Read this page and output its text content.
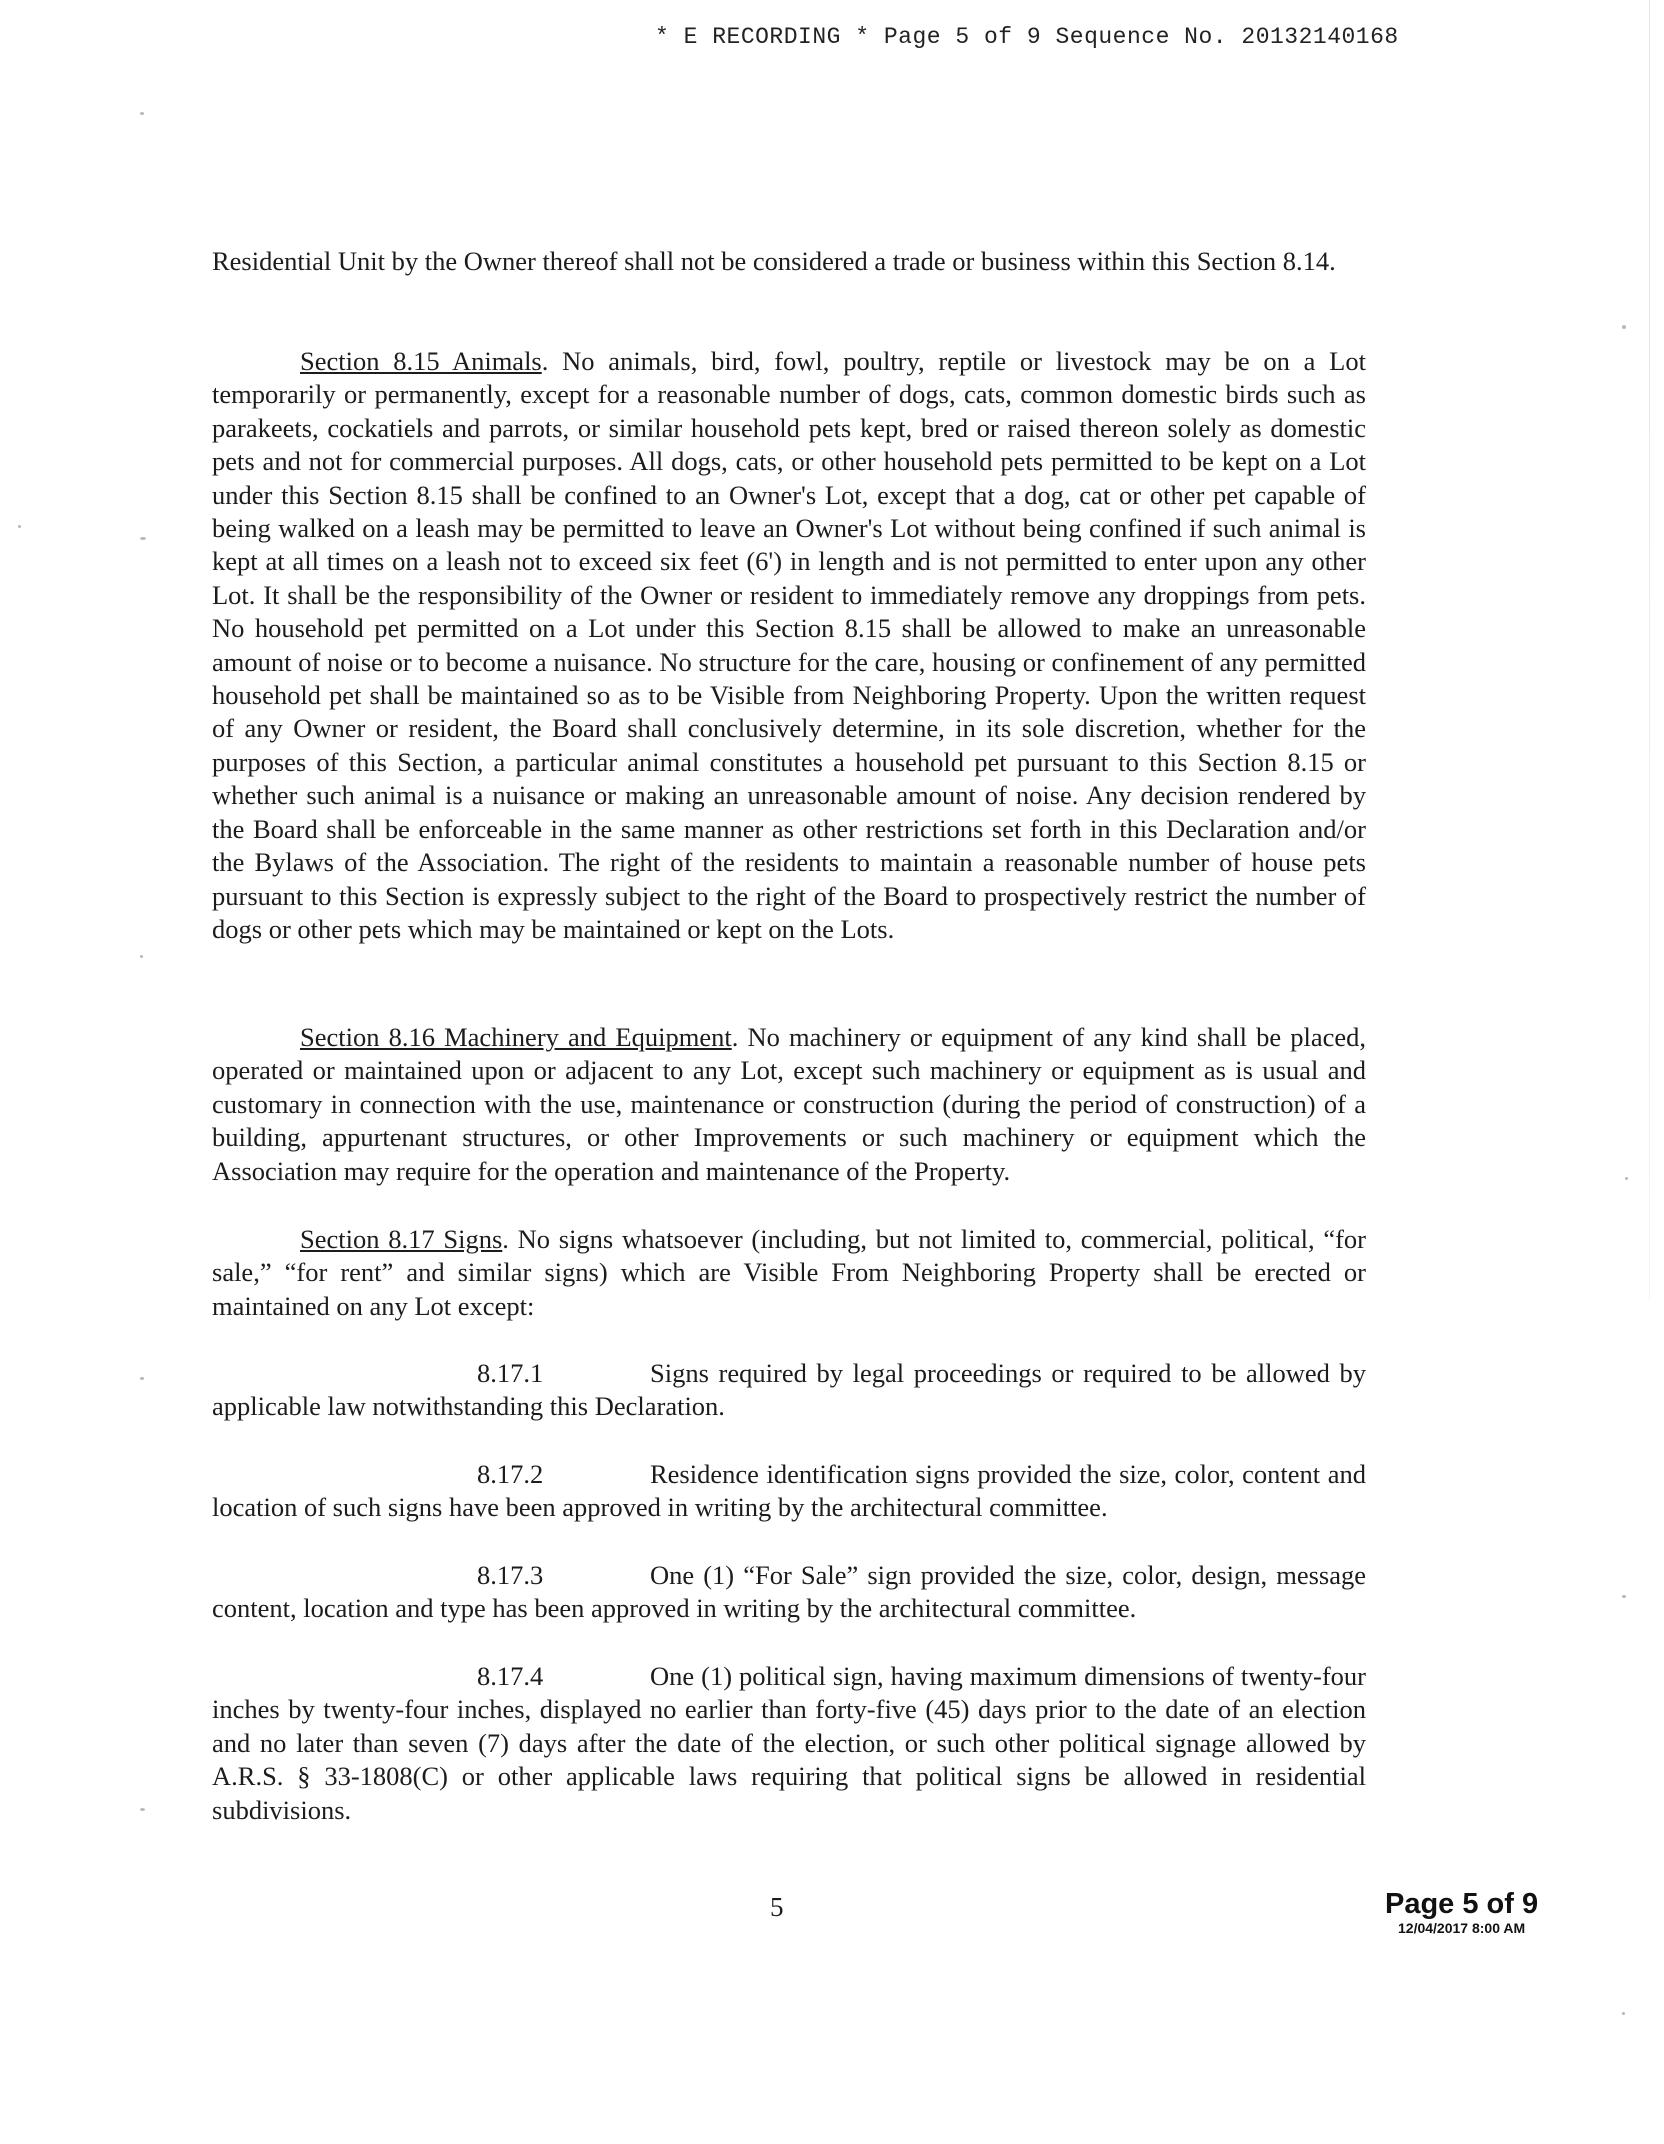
* E RECORDING * Page 5 of 9 Sequence No. 20132140168

Residential Unit by the Owner thereof shall not be considered a trade or business within this Section 8.14.

Section 8.15 Animals. No animals, bird, fowl, poultry, reptile or livestock may be on a Lot temporarily or permanently, except for a reasonable number of dogs, cats, common domestic birds such as parakeets, cockatiels and parrots, or similar household pets kept, bred or raised thereon solely as domestic pets and not for commercial purposes. All dogs, cats, or other household pets permitted to be kept on a Lot under this Section 8.15 shall be confined to an Owner's Lot, except that a dog, cat or other pet capable of being walked on a leash may be permitted to leave an Owner's Lot without being confined if such animal is kept at all times on a leash not to exceed six feet (6') in length and is not permitted to enter upon any other Lot. It shall be the responsibility of the Owner or resident to immediately remove any droppings from pets. No household pet permitted on a Lot under this Section 8.15 shall be allowed to make an unreasonable amount of noise or to become a nuisance. No structure for the care, housing or confinement of any permitted household pet shall be maintained so as to be Visible from Neighboring Property. Upon the written request of any Owner or resident, the Board shall conclusively determine, in its sole discretion, whether for the purposes of this Section, a particular animal constitutes a household pet pursuant to this Section 8.15 or whether such animal is a nuisance or making an unreasonable amount of noise. Any decision rendered by the Board shall be enforceable in the same manner as other restrictions set forth in this Declaration and/or the Bylaws of the Association. The right of the residents to maintain a reasonable number of house pets pursuant to this Section is expressly subject to the right of the Board to prospectively restrict the number of dogs or other pets which may be maintained or kept on the Lots.

Section 8.16 Machinery and Equipment. No machinery or equipment of any kind shall be placed, operated or maintained upon or adjacent to any Lot, except such machinery or equipment as is usual and customary in connection with the use, maintenance or construction (during the period of construction) of a building, appurtenant structures, or other Improvements or such machinery or equipment which the Association may require for the operation and maintenance of the Property.

Section 8.17 Signs. No signs whatsoever (including, but not limited to, commercial, political, “for sale,” “for rent” and similar signs) which are Visible From Neighboring Property shall be erected or maintained on any Lot except:

8.17.1	Signs required by legal proceedings or required to be allowed by applicable law notwithstanding this Declaration.

8.17.2	Residence identification signs provided the size, color, content and location of such signs have been approved in writing by the architectural committee.

8.17.3	One (1) “For Sale” sign provided the size, color, design, message content, location and type has been approved in writing by the architectural committee.

8.17.4	One (1) political sign, having maximum dimensions of twenty-four inches by twenty-four inches, displayed no earlier than forty-five (45) days prior to the date of an election and no later than seven (7) days after the date of the election, or such other political signage allowed by A.R.S. § 33-1808(C) or other applicable laws requiring that political signs be allowed in residential subdivisions.

5	Page 5 of 9
12/04/2017 8:00 AM
